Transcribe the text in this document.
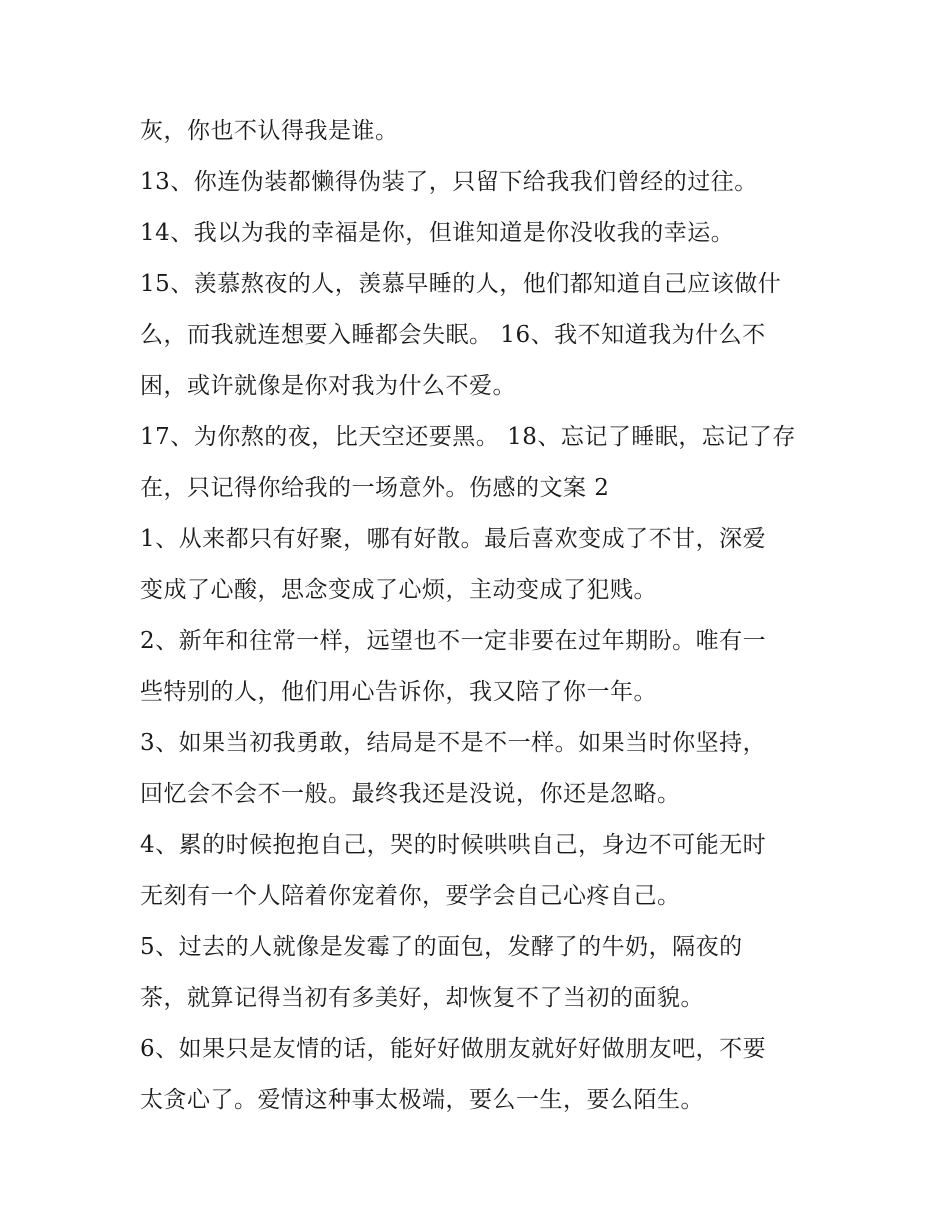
灰，你也不认得我是谁。
13、你连伪装都懒得伪装了，只留下给我我们曾经的过往。
14、我以为我的幸福是你，但谁知道是你没收我的幸运。
15、羡慕熬夜的人，羡慕早睡的人，他们都知道自己应该做什
么，而我就连想要入睡都会失眠。 16、我不知道我为什么不
困，或许就像是你对我为什么不爱。
17、为你熬的夜，比天空还要黑。 18、忘记了睡眠，忘记了存
在，只记得你给我的一场意外。伤感的文案 2
1、从来都只有好聚，哪有好散。最后喜欢变成了不甘，深爱
变成了心酸，思念变成了心烦，主动变成了犯贱。
2、新年和往常一样，远望也不一定非要在过年期盼。唯有一
些特别的人，他们用心告诉你，我又陪了你一年。
3、如果当初我勇敢，结局是不是不一样。如果当时你坚持，
回忆会不会不一般。最终我还是没说，你还是忽略。
4、累的时候抱抱自己，哭的时候哄哄自己，身边不可能无时
无刻有一个人陪着你宠着你，要学会自己心疼自己。
5、过去的人就像是发霉了的面包，发酵了的牛奶，隔夜的
茶，就算记得当初有多美好，却恢复不了当初的面貌。
6、如果只是友情的话，能好好做朋友就好好做朋友吧，不要
太贪心了。爱情这种事太极端，要么一生，要么陌生。
